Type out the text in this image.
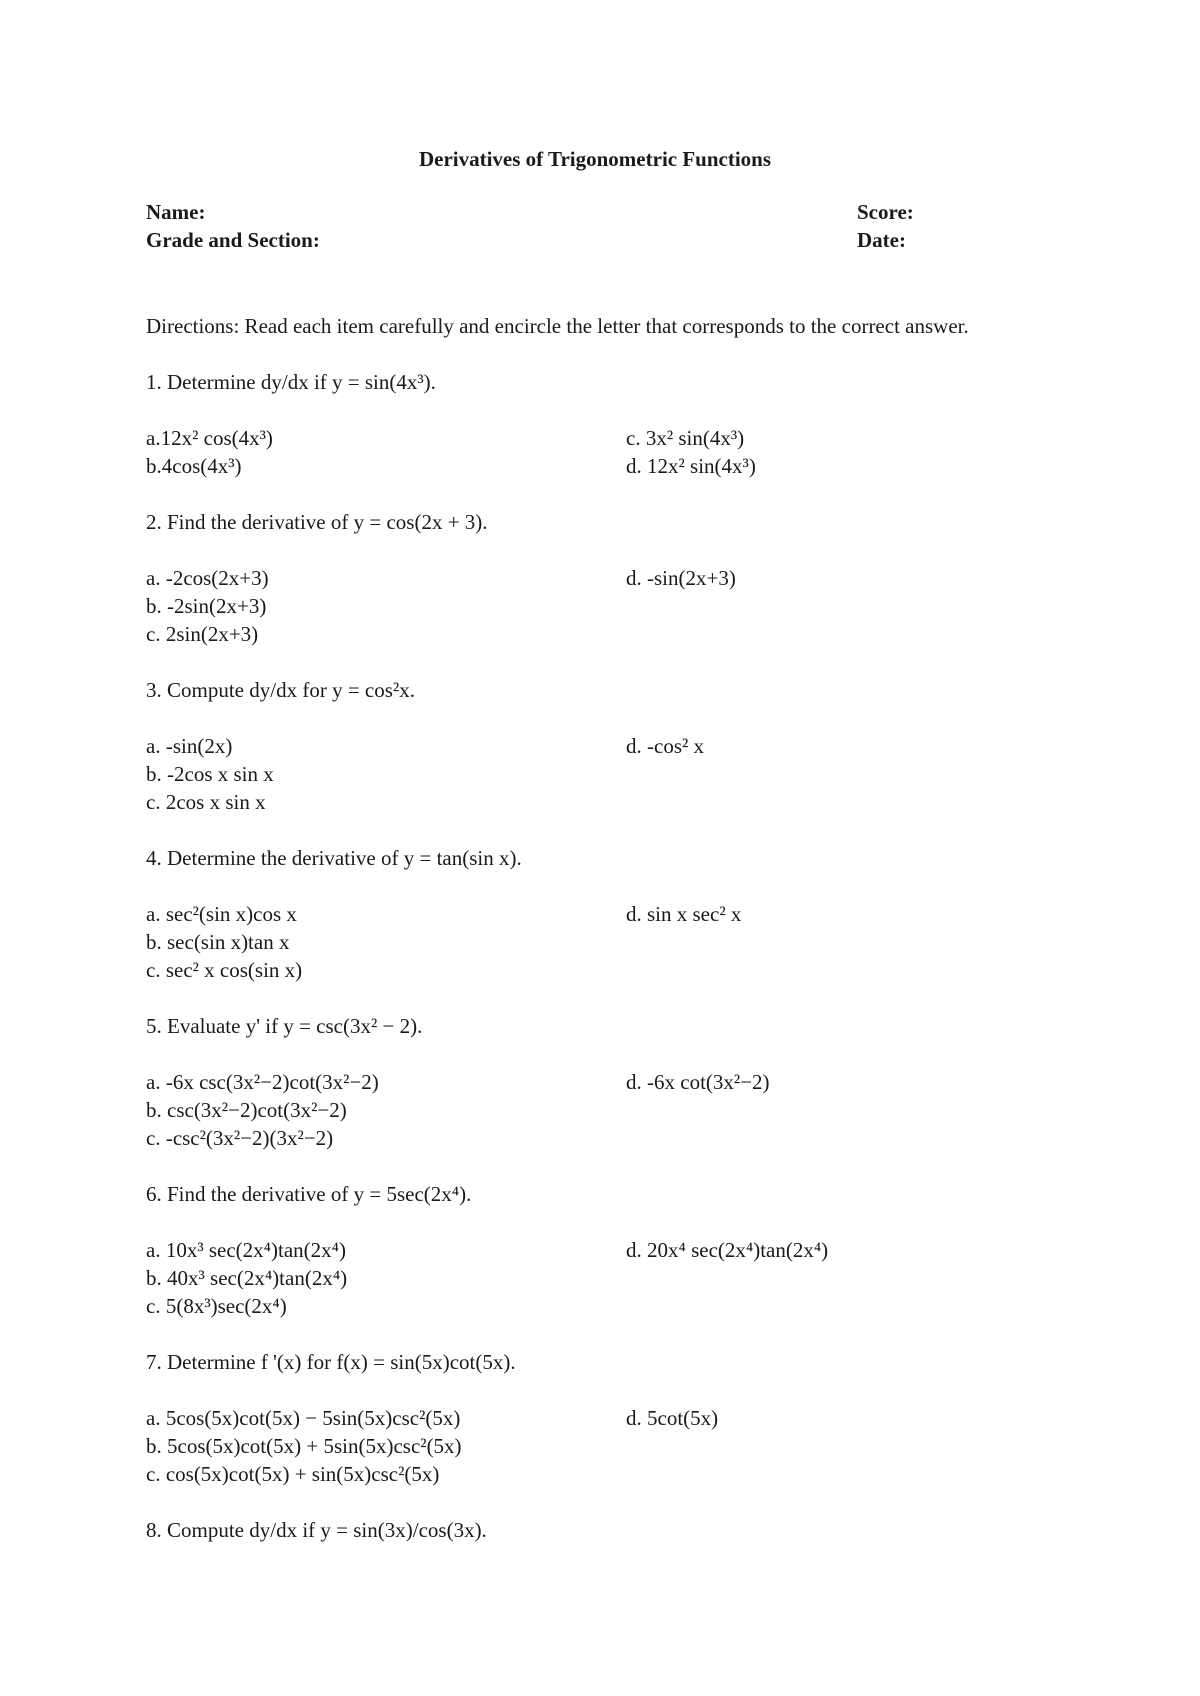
Derivatives of Trigonometric Functions
Name:	Score:
Grade and Section:	Date:
Directions: Read each item carefully and encircle the letter that corresponds to the correct answer.
1. Determine dy/dx if y = sin(4x³).
a.12x² cos(4x³)	c. 3x² sin(4x³)
b.4cos(4x³)	d. 12x² sin(4x³)
2. Find the derivative of y = cos(2x + 3).
a. -2cos(2x+3)	d. -sin(2x+3)
b. -2sin(2x+3)
c. 2sin(2x+3)
3. Compute dy/dx for y = cos²x.
a. -sin(2x)	d. -cos² x
b. -2cos x sin x
c. 2cos x sin x
4. Determine the derivative of y = tan(sin x).
a. sec²(sin x)cos x	d. sin x sec² x
b. sec(sin x)tan x
c. sec² x cos(sin x)
5. Evaluate y' if y = csc(3x² − 2).
a. -6x csc(3x²−2)cot(3x²−2)	d. -6x cot(3x²−2)
b. csc(3x²−2)cot(3x²−2)
c. -csc²(3x²−2)(3x²−2)
6. Find the derivative of y = 5sec(2x⁴).
a. 10x³ sec(2x⁴)tan(2x⁴)	d. 20x⁴ sec(2x⁴)tan(2x⁴)
b. 40x³ sec(2x⁴)tan(2x⁴)
c. 5(8x³)sec(2x⁴)
7. Determine f '(x) for f(x) = sin(5x)cot(5x).
a. 5cos(5x)cot(5x) − 5sin(5x)csc²(5x)	d. 5cot(5x)
b. 5cos(5x)cot(5x) + 5sin(5x)csc²(5x)
c. cos(5x)cot(5x) + sin(5x)csc²(5x)
8. Compute dy/dx if y = sin(3x)/cos(3x).
